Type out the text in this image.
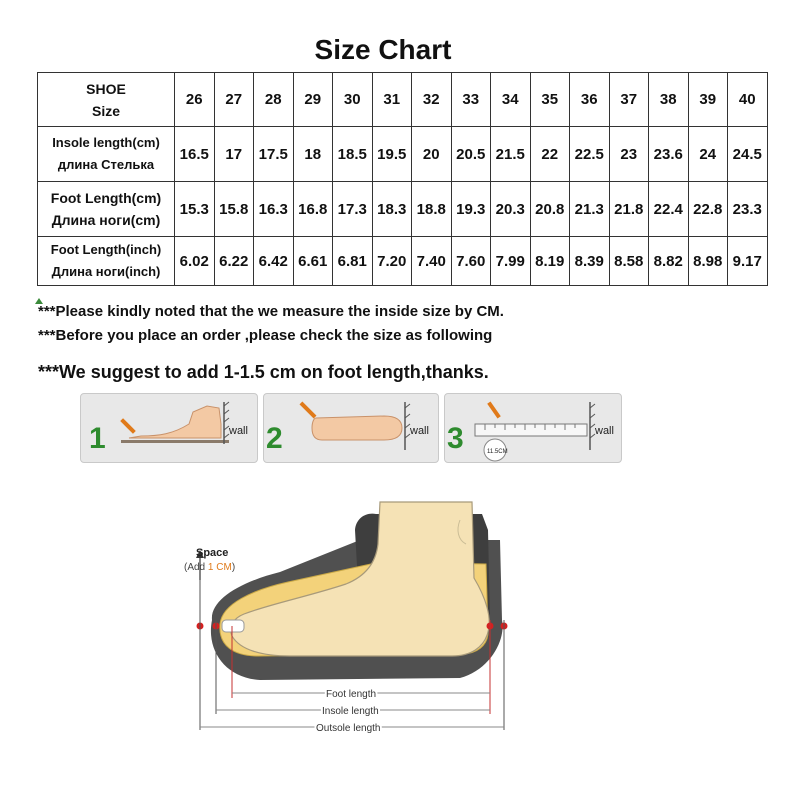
Size Chart
SHOE
Size	26	27	28	29	30	31	32	33	34	35	36	37	38	39	40

Insole length(cm)
длина Стелька	16.5	17	17.5	18	18.5	19.5	20	20.5	21.5	22	22.5	23	23.6	24	24.5

Foot Length(cm)
Длина ноги(cm)	15.3	15.8	16.3	16.8	17.3	18.3	18.8	19.3	20.3	20.8	21.3	21.8	22.4	22.8	23.3

Foot Length(inch)
Длина ноги(inch)	6.02	6.22	6.42	6.61	6.81	7.20	7.40	7.60	7.99	8.19	8.39	8.58	8.82	8.98	9.17
***Please kindly noted that the we measure the inside size by CM.
***Before you place an order ,please check the size as following
***We suggest to add 1-1.5 cm on foot length,thanks.
1	wall 2	wall 3	11.5CM
wall
Space
(Add 1 CM)
Foot length
Insole length
Outsole length
